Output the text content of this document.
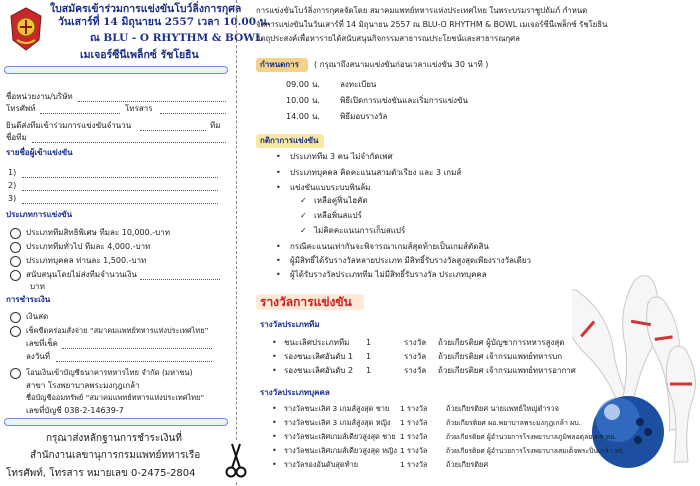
ใบสมัครเข้าร่วมการแข่งขันโบว์ลิ่งการกุศล
วันเสาร์ที่ 14 มิถุนายน 2557 เวลา 10.00 น.
ณ BLU - O RHYTHM & BOWL
เมเจอร์ซีนีเพล็กซ์ รัชโยธิน
ชื่อหน่วยงาน/บริษัท
โทรศัพท์	โทรสาร
ยินดีส่งทีมเข้าร่วมการแข่งขันจำนวน	ทีม
ชื่อทีม
รายชื่อผู้เข้าแข่งขัน
1)
2)
3)
ประเภทการแข่งขัน
ประเภททีมสิทธิพิเศษ ทีมละ 10,000.-บาท
ประเภททีมทั่วไป ทีมละ 4,000.-บาท
ประเภทบุคคล ท่านละ 1,500.-บาท
สนับสนุนโดยไม่ส่งทีมจำนวนเงิน
บาท
การชำระเงิน
เงินสด
เช็คขีดคร่อมสั่งจ่าย “สมาคมแพทย์ทหารแห่งประเทศไทย”
เลขที่เช็ค
ลงวันที่
โอนเงินเข้าบัญชีธนาคารทหารไทย จำกัด (มหาชน)
สาขา โรงพยาบาลพระมงกุฎเกล้า
ชื่อบัญชีออมทรัพย์ “สมาคมแพทย์ทหารแห่งประเทศไทย”
เลขที่บัญชี 038-2-14639-7
กรุณาส่งหลักฐานการชำระเงินที่
สำนักงานเลขานุการกรมแพทย์ทหารเรือ
โทรศัพท์, โทรสาร หมายเลข 0-2475-2804
การแข่งขันโบว์ลิ่งการกุศลจัดโดย สมาคมแพทย์ทหารแห่งประเทศไทย ในพระบรมราชูปถัมภ์ กำหนด
จัดการแข่งขันในวันเสาร์ที่ 14 มิถุนายน 2557 ณ BLU-O RHYTHM & BOWL เมเจอร์ซีนีเพล็กซ์ รัชโยธิน
วัตถุประสงค์เพื่อหารายได้สนับสนุนกิจกรรมสาธารณประโยชน์และสาธารณกุศล
กำหนดการ ( กรุณาถึงสนามแข่งขันก่อนเวลาแข่งขัน 30 นาที )
09.00 น. ลงทะเบียน
10.00 น. พิธีเปิดการแข่งขันและเริ่มการแข่งขัน
14.00 น. พิธีมอบรางวัล
กติกาการแข่งขัน
• ประเภททีม 3 คน ไม่จำกัดเพศ
• ประเภทบุคคล คิดคะแนนสามตัวเรียง และ 3 เกมส์
• แข่งขันแบบระบบพินล้ม
✓ เหลือคู่ฟิ่นไฮคัด
✓ เหลือพิ่นสแปร์
✓ ไม่คิดคะแนนการเก็บสแปร์
• กรณีคะแนนเท่ากันจะพิจารณาเกมส์สุดท้ายเป็นเกมส์ตัดสิน
• ผู้มีสิทธิ์ได้รับรางวัลหลายประเภท มีสิทธิ์รับรางวัลสูงสุดเพียงรางวัลเดียว
• ผู้ได้รับรางวัลประเภททีม ไม่มีสิทธิ์รับรางวัล ประเภทบุคคล
รางวัลการแข่งขัน
รางวัลประเภททีม
• ชนะเลิศประเภททีม 1	รางวัล ถ้วยเกียรติยศ ผู้บัญชาการทหารสูงสุด
• รองชนะเลิศอันดับ 1 1	รางวัล ถ้วยเกียรติยศ เจ้ากรมแพทย์ทหารบก
• รองชนะเลิศอันดับ 2 1	รางวัล ถ้วยเกียรติยศ เจ้ากรมแพทย์ทหารอากาศ
รางวัลประเภทบุคคล
• รางวัลชนะเลิศ 3 เกมส์สูงสุด ชาย 1 รางวัล	ถ้วยเกียรติยศ นายแพทย์ใหญ่ตำรวจ
• รางวัลชนะเลิศ 3 เกมส์สูงสุด หญิง 1 รางวัล	ถ้วยเกียรติยศ ผอ.พยาบาลพระมงกุฎเกล้า ผบ.
• รางวัลชนะเลิศเกมส์เดียวสูงสุด ชาย 1 รางวัล	ถ้วยเกียรติยศ ผู้อำนวยการโรงพยาบาลภูมิพลอดุลยเดช พอ.
• รางวัลชนะเลิศเกมส์เดียวสูงสุด หญิง 1 รางวัล	ถ้วยเกียรติยศ ผู้อำนวยการโรงพยาบาลสมเด็จพระปิ่นเกล้า พร.
• รางวัลรองอันดับสุดท้าย	1 รางวัล	ถ้วยเกียรติยศ
